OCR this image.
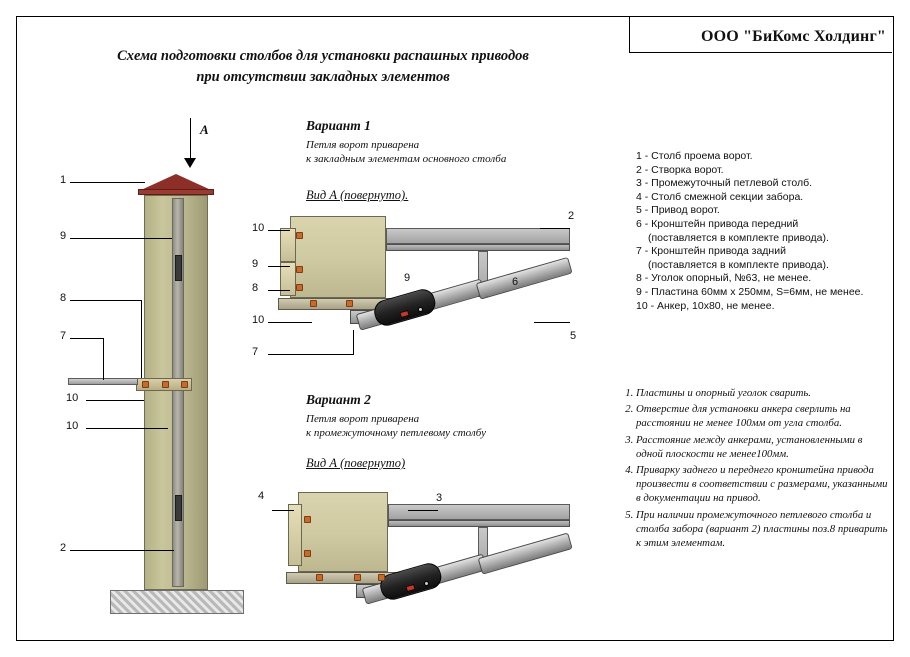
ООО "БиКомс Холдинг"
Схема подготовки столбов для установки распашных приводов
при отсутствии закладных элементов
A
1
9
8
7
10
10
2
Вариант 1
Петля ворот приварена
к закладным элементам основного столба
Вид А (повернуто).
10
9
8
10
7
9
2
6
5
Вариант 2
Петля ворот приварена
к промежуточному петлевому столбу
Вид А (повернуто)
4	3
1 - Столб проема ворот.
2 - Створка ворот.
3 - Промежуточный петлевой столб.
4 - Столб смежной секции забора.
5 - Привод ворот.
6 - Кронштейн привода передний
(поставляется в комплекте привода).
7 - Кронштейн привода задний
(поставляется в комплекте привода).
8 - Уголок опорный, №63, не менее.
9 - Пластина 60мм х 250мм, S=6мм, не менее.
10 - Анкер, 10х80, не менее.
1. Пластины и опорный уголок сварить.
2. Отверстие для установки анкера сверлить на расстоянии не менее 100мм от угла столба.
3. Расстояние между анкерами, установленными в одной плоскости не менее100мм.
4. Приварку заднего и переднего кронштейна привода произвести в соответствии с размерами, указанными в документации на привод.
5. При наличии промежуточного петлевого столба и столба забора (вариант 2) пластины поз.8 приварить к этим элементам.
